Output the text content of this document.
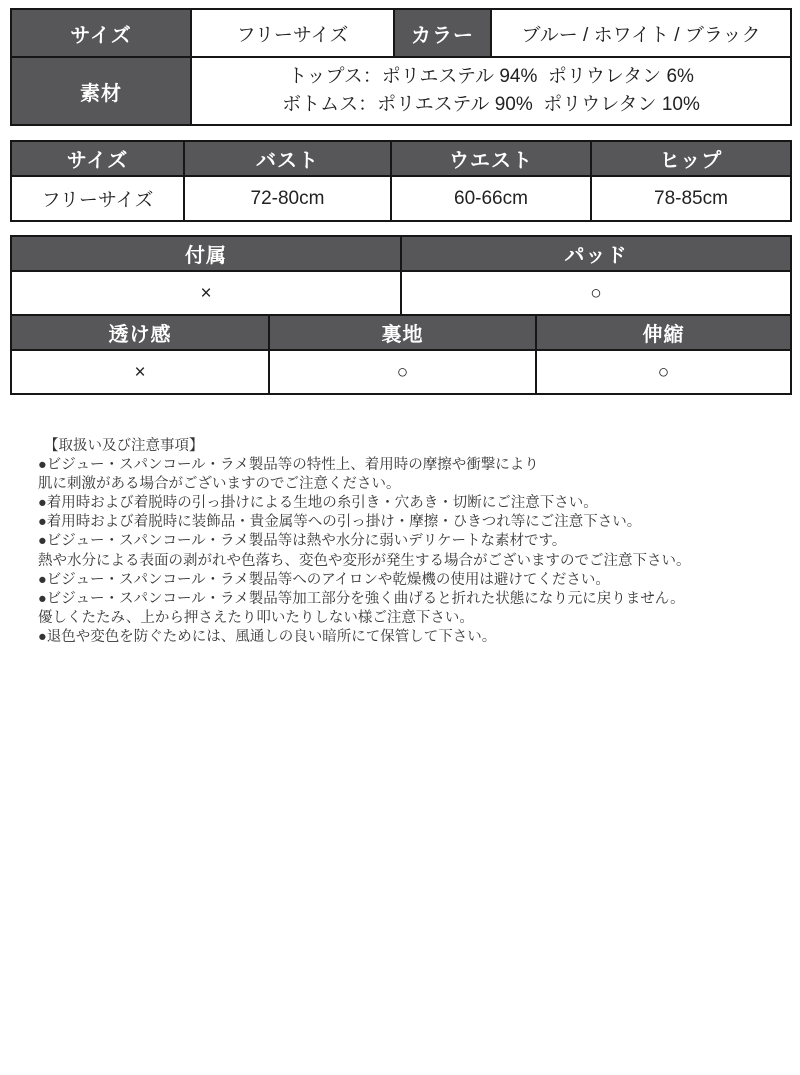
サイズ	フリーサイズ	カラー	ブルー / ホワイト / ブラック
素材	トップス：ポリエステル 94%  ポリウレタン 6%
ボトムス：ポリエステル 90%  ポリウレタン 10%		
サイズ	バスト	ウエスト	ヒップ
フリーサイズ	72-80cm	60-66cm	78-85cm
付属	パッド
×	○
透け感	裏地	伸縮
×	○	○
【取扱い及び注意事項】
●ビジュー・スパンコール・ラメ製品等の特性上、着用時の摩擦や衝撃により
肌に刺激がある場合がございますのでご注意ください。
●着用時および着脱時の引っ掛けによる生地の糸引き・穴あき・切断にご注意下さい。
●着用時および着脱時に装飾品・貴金属等への引っ掛け・摩擦・ひきつれ等にご注意下さい。
●ビジュー・スパンコール・ラメ製品等は熱や水分に弱いデリケートな素材です。
熱や水分による表面の剥がれや色落ち、変色や変形が発生する場合がございますのでご注意下さい。
●ビジュー・スパンコール・ラメ製品等へのアイロンや乾燥機の使用は避けてください。
●ビジュー・スパンコール・ラメ製品等加工部分を強く曲げると折れた状態になり元に戻りません。
優しくたたみ、上から押さえたり叩いたりしない様ご注意下さい。
●退色や変色を防ぐためには、風通しの良い暗所にて保管して下さい。
